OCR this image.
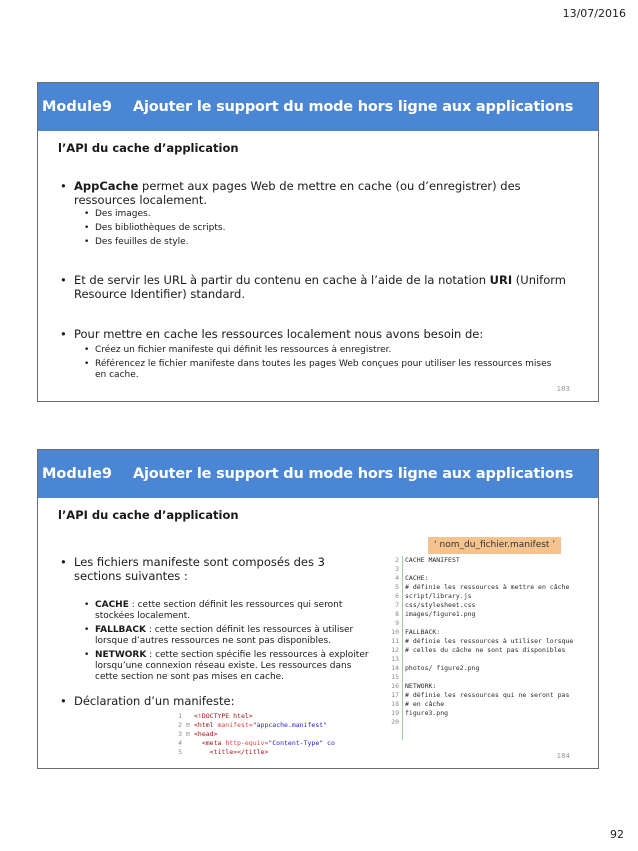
13/07/2016
Module9	Ajouter le support du mode hors ligne aux applications
l’API du cache d’application
• AppCache permet aux pages Web de mettre en cache (ou d’enregistrer) des ressources localement.
• Des images.
• Des bibliothèques de scripts.
• Des feuilles de style.
• Et de servir les URL à partir du contenu en cache à l’aide de la notation URI (Uniform Resource Identifier) standard.
• Pour mettre en cache les ressources localement nous avons besoin de:
• Créez un fichier manifeste qui définit les ressources à enregistrer.
• Référencez le fichier manifeste dans toutes les pages Web conçues pour utiliser les ressources mises en cache.
183
Module9	Ajouter le support du mode hors ligne aux applications
l’API du cache d’application
• Les fichiers manifeste sont composés des 3 sections suivantes :
• CACHE : cette section définit les ressources qui seront stockées localement.
• FALLBACK : cette section définit les ressources à utiliser lorsque d’autres ressources ne sont pas disponibles.
• NETWORK : cette section spécifie les ressources à exploiter lorsqu’une connexion réseau existe. Les ressources dans cette section ne sont pas mises en cache.
• Déclaration d’un manifeste:
‘ nom_du_fichier.manifest ’
2 CACHE MANIFEST
3
4 CACHE:
5 # définie les ressources à mettre en câche
6 script/library.js
7 css/stylesheet.css
8 images/figure1.png
9
10 FALLBACK:
11 # définie les ressources à utiliser lorsque
12 # celles du câche ne sont pas disponibles
13
14 photos/ figure2.png
15
16 NETWORK:
17 # définie les ressources qui ne seront pas
18 # en câche
19 figure3.png
20
1	<!DOCTYPE htel>
2 ⊟ <html manifest="appcache.manifest"
3 ⊟ <head>
4	<meta http-equiv="Content-Type" co
5	<title></title>	184
92
